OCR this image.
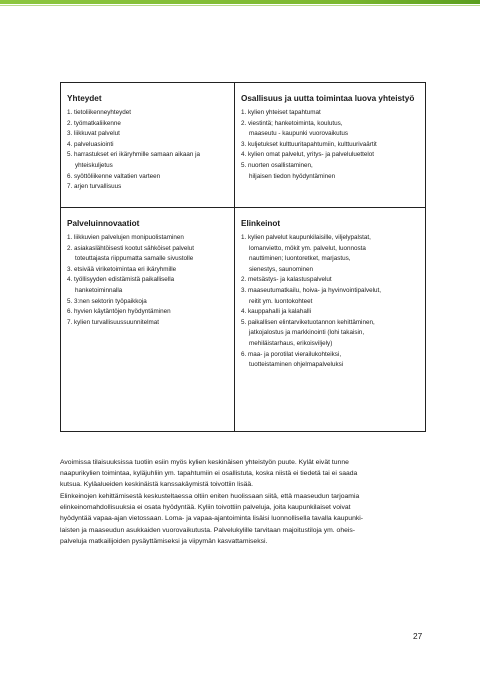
Yhteydet

1. tietoliikenneyhteydet
2. työmatkaliikenne
3. liikkuvat palvelut
4. palveluasiointi
5. harrastukset eri ikäryhmille samaan aikaan ja
yhteiskuljetus
6. syöttöliikenne valtatien varteen
7. arjen turvallisuus

Osallisuus ja uutta toimintaa luova yhteistyö

1. kylien yhteiset tapahtumat
2. viestintä; hanketoiminta, koulutus,
maaseutu - kaupunki vuorovaikutus
3. kuljetukset kulttuuritapahtumiin, kulttuurivaärtit
4. kylien omat palvelut, yritys- ja palveluluettelot
5. nuorten osallistaminen,
hiljaisen tiedon hyödyntäminen

Palveluinnovaatiot

1. liikkuvien palvelujen monipuolistaminen
2. asiakaslähtöisesti kootut sähköiset palvelut
toteuttajasta riippumatta samalle sivustolle
3. etsivää viriketoimintaa eri ikäryhmille
4. työllisyyden edistämistä paikallisella
hanketoiminnalla
5. 3:nen sektorin työpaikkoja
6. hyvien käytäntöjen hyödyntäminen
7. kylien turvallisuussuunnitelmat

Elinkeinot

1. kylien palvelut kaupunkilaisille, viljelypalstat,
lomanvietto, mökit ym. palvelut, luonnosta
nauttiminen; luontoretket, marjastus,
sienestys, saunominen
2. metsästys- ja kalastuspalvelut
3. maaseutumatkailu, hoiva- ja hyvinvointipalvelut,
reitit ym. luontokohteet
4. kauppahalli ja kalahalli
5. paikallisen elintarviketuotannon kehittäminen,
jatkojalostus ja markkinointi (lohi takaisin,
mehiläistarhaus, erikoisviljely)
6. maa- ja porotilat vierailukohteiksi,
tuotteistaminen ohjelmapalveluksi

Avoimissa tilaisuuksissa tuotiin esiin myös kylien keskinäisen yhteistyön puute. Kylät eivät tunne
naapurikylien toimintaa, kyläjuhliin ym. tapahtumiin ei osallistuta, koska niistä ei tiedetä tai ei saada
kutsua. Kyläalueiden keskinäistä kanssakäymistä toivottiin lisää.

Elinkeinojen kehittämisestä keskusteltaessa oltiin eniten huolissaan siitä, että maaseudun tarjoamia
elinkeinomahdollisuuksia ei osata hyödyntää. Kyliin toivottiin palveluja, joita kaupunkilaiset voivat
hyödyntää vapaa-ajan vietossaan. Loma- ja vapaa-ajantoiminta lisäisi luonnollisella tavalla kaupunki-
laisten ja maaseudun asukkaiden vuorovaikutusta. Palvelukylille tarvitaan majoitustiloja ym. oheis-
palveluja matkailijoiden pysäyttämiseksi ja viipymän kasvattamiseksi.

27
